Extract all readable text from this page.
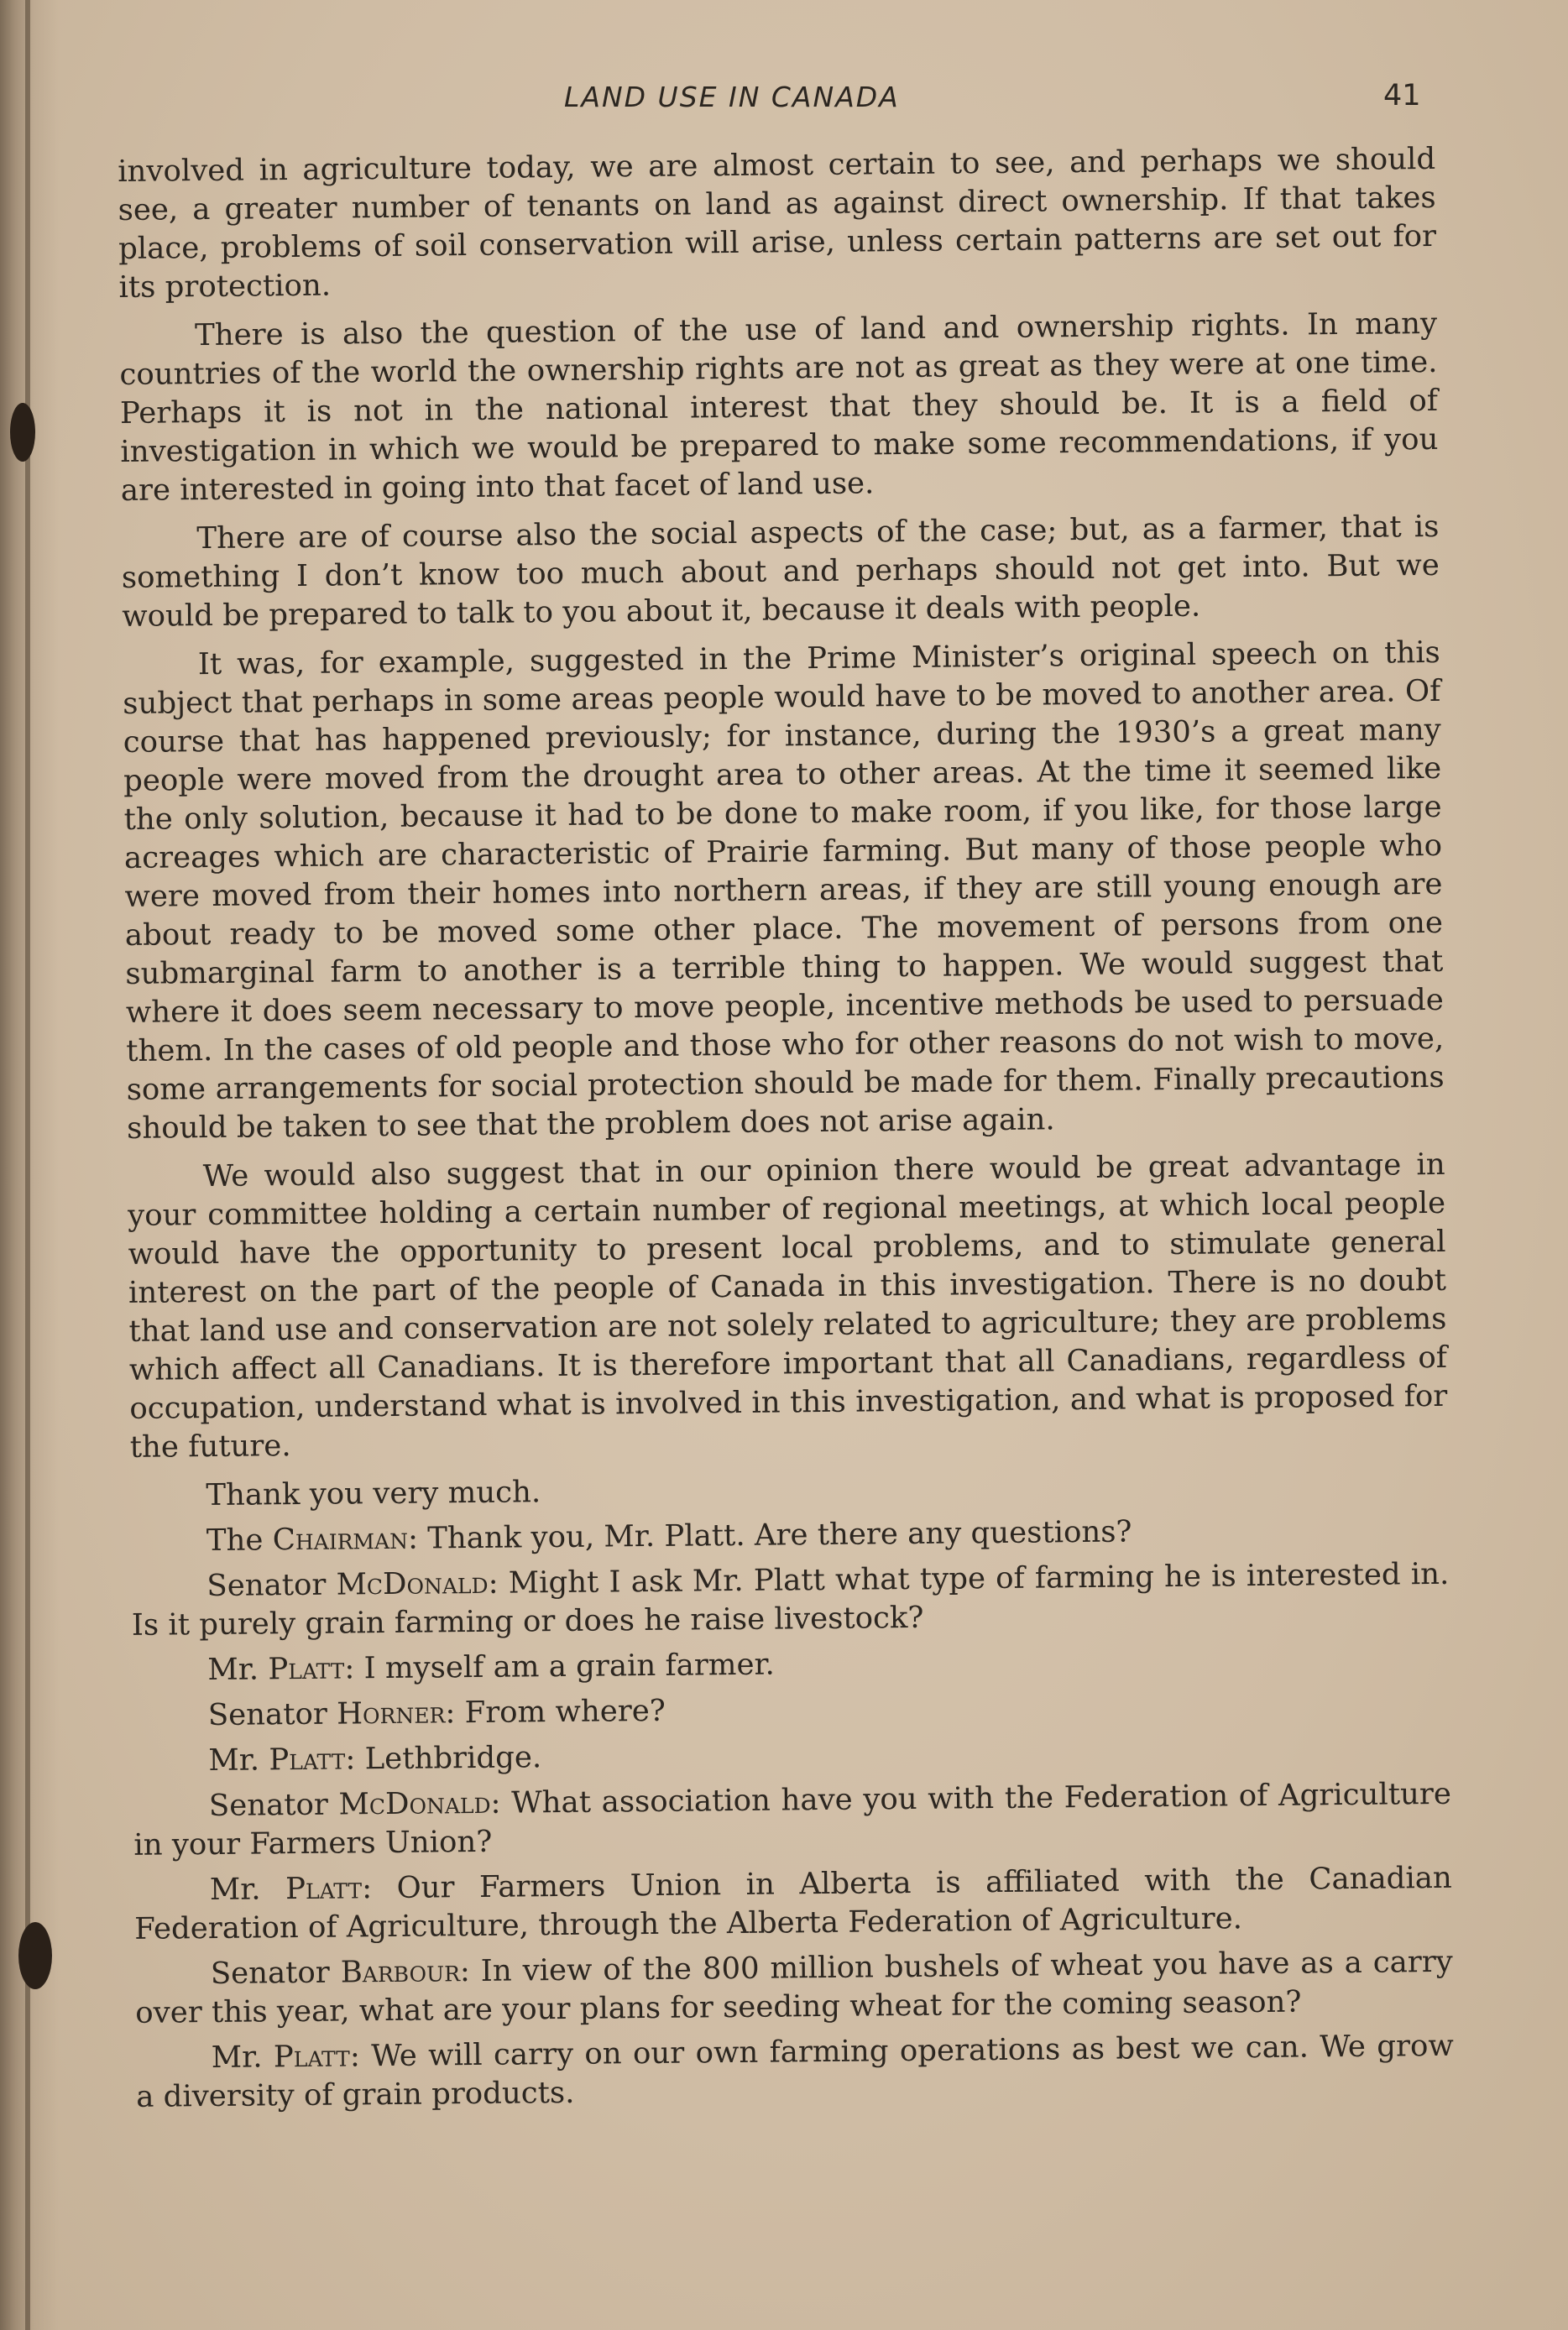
LAND USE IN CANADA	41

involved in agriculture today, we are almost certain to see, and perhaps we should see, a greater number of tenants on land as against direct ownership. If that takes place, problems of soil conservation will arise, unless certain patterns are set out for its protection.

There is also the question of the use of land and ownership rights. In many countries of the world the ownership rights are not as great as they were at one time. Perhaps it is not in the national interest that they should be. It is a field of investigation in which we would be prepared to make some recommendations, if you are interested in going into that facet of land use.

There are of course also the social aspects of the case; but, as a farmer, that is something I don’t know too much about and perhaps should not get into. But we would be prepared to talk to you about it, because it deals with people.

It was, for example, suggested in the Prime Minister’s original speech on this subject that perhaps in some areas people would have to be moved to another area. Of course that has happened previously; for instance, during the 1930’s a great many people were moved from the drought area to other areas. At the time it seemed like the only solution, because it had to be done to make room, if you like, for those large acreages which are characteristic of Prairie farming. But many of those people who were moved from their homes into northern areas, if they are still young enough are about ready to be moved some other place. The movement of persons from one submarginal farm to another is a terrible thing to happen. We would suggest that where it does seem necessary to move people, incentive methods be used to persuade them. In the cases of old people and those who for other reasons do not wish to move, some arrangements for social protection should be made for them. Finally precautions should be taken to see that the problem does not arise again.

We would also suggest that in our opinion there would be great advantage in your committee holding a certain number of regional meetings, at which local people would have the opportunity to present local problems, and to stimulate general interest on the part of the people of Canada in this investigation. There is no doubt that land use and conservation are not solely related to agriculture; they are problems which affect all Canadians. It is therefore important that all Canadians, regardless of occupation, understand what is involved in this investigation, and what is proposed for the future.

Thank you very much.

The Chairman: Thank you, Mr. Platt. Are there any questions?

Senator McDonald: Might I ask Mr. Platt what type of farming he is interested in. Is it purely grain farming or does he raise livestock?

Mr. Platt: I myself am a grain farmer.

Senator Horner: From where?

Mr. Platt: Lethbridge.

Senator McDonald: What association have you with the Federation of Agriculture in your Farmers Union?

Mr. Platt: Our Farmers Union in Alberta is affiliated with the Canadian Federation of Agriculture, through the Alberta Federation of Agriculture.

Senator Barbour: In view of the 800 million bushels of wheat you have as a carry over this year, what are your plans for seeding wheat for the coming season?

Mr. Platt: We will carry on our own farming operations as best we can. We grow a diversity of grain products.
